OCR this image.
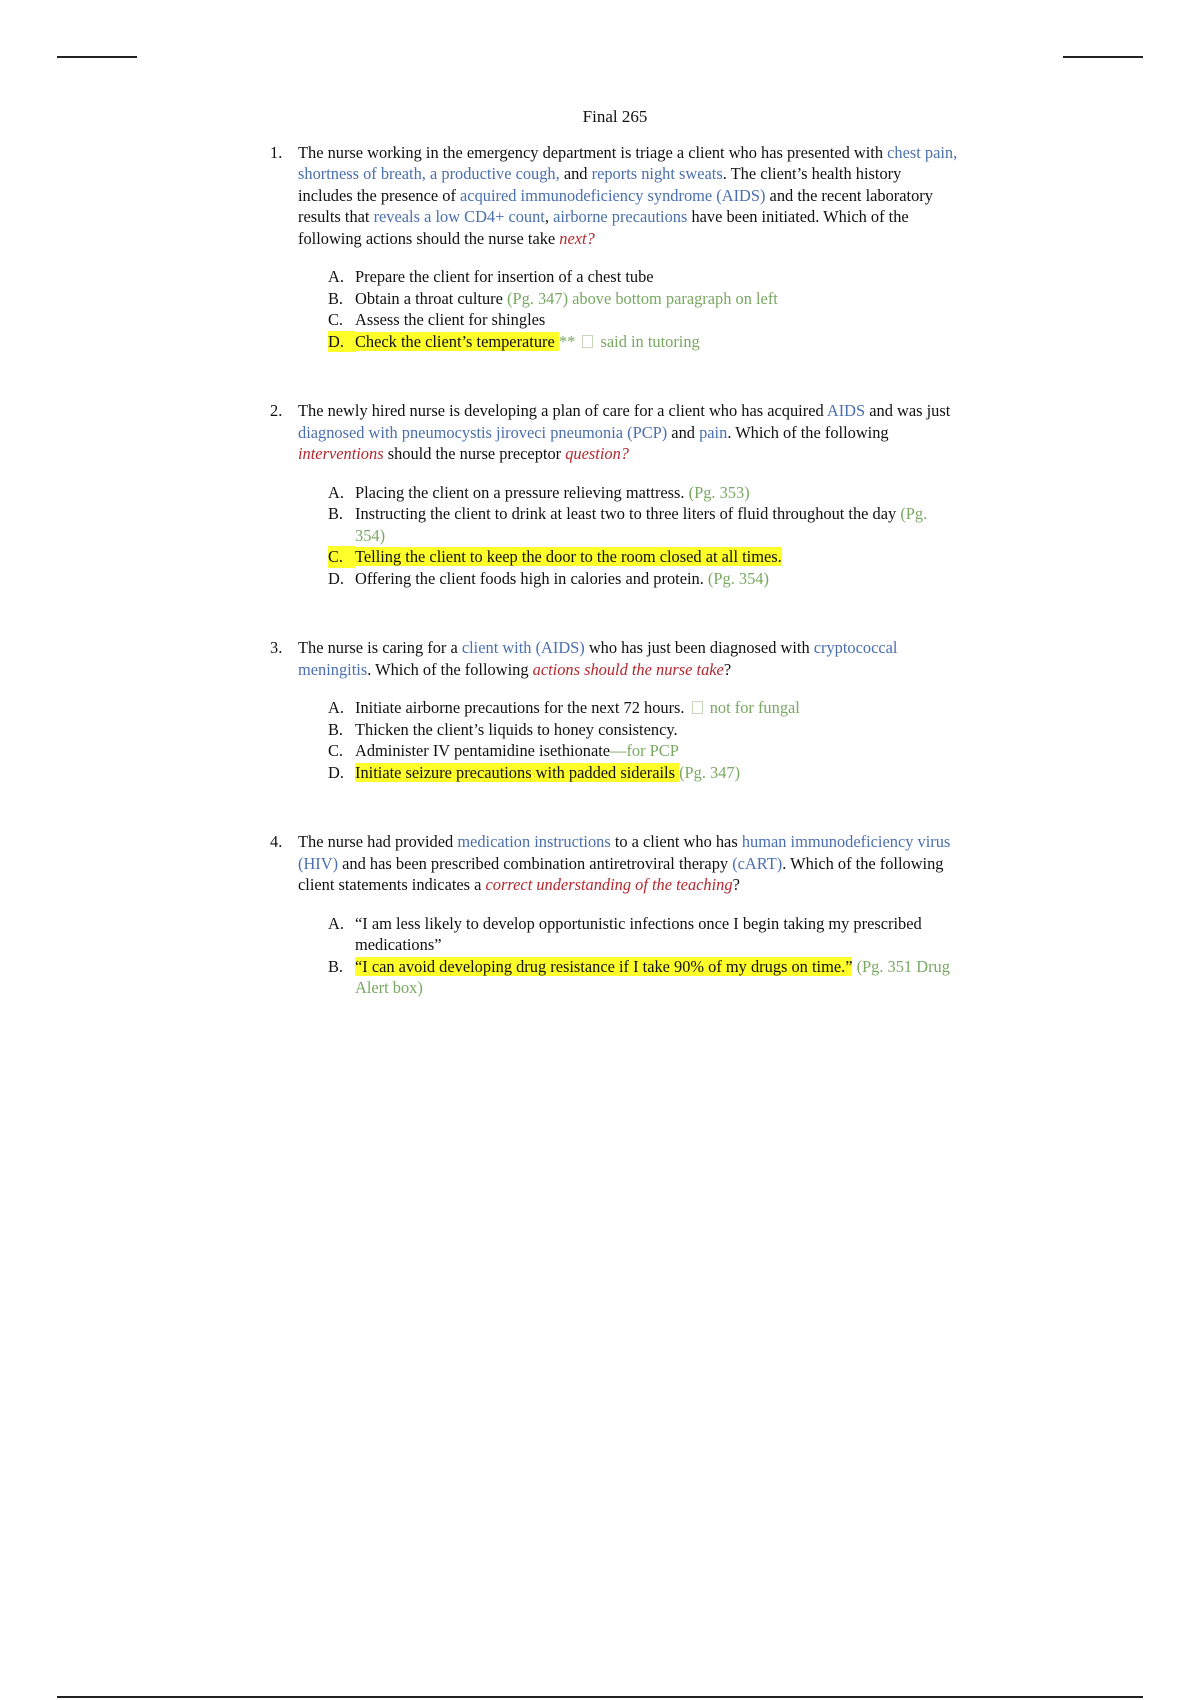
Final 265
1. The nurse working in the emergency department is triage a client who has presented with chest pain, shortness of breath, a productive cough, and reports night sweats. The client’s health history includes the presence of acquired immunodeficiency syndrome (AIDS) and the recent laboratory results that reveals a low CD4+ count, airborne precautions have been initiated. Which of the following actions should the nurse take next?
A. Prepare the client for insertion of a chest tube
B. Obtain a throat culture (Pg. 347) above bottom paragraph on left
C. Assess the client for shingles
D. Check the client’s temperature **  said in tutoring
2. The newly hired nurse is developing a plan of care for a client who has acquired AIDS and was just diagnosed with pneumocystis jiroveci pneumonia (PCP) and pain. Which of the following interventions should the nurse preceptor question?
A. Placing the client on a pressure relieving mattress. (Pg. 353)
B. Instructing the client to drink at least two to three liters of fluid throughout the day (Pg. 354)
C. Telling the client to keep the door to the room closed at all times.
D. Offering the client foods high in calories and protein. (Pg. 354)
3. The nurse is caring for a client with (AIDS) who has just been diagnosed with cryptococcal meningitis. Which of the following actions should the nurse take?
A. Initiate airborne precautions for the next 72 hours.  not for fungal
B. Thicken the client’s liquids to honey consistency.
C. Administer IV pentamidine isethionate—for PCP
D. Initiate seizure precautions with padded siderails (Pg. 347)
4. The nurse had provided medication instructions to a client who has human immunodeficiency virus (HIV) and has been prescribed combination antiretroviral therapy (cART). Which of the following client statements indicates a correct understanding of the teaching?
A. “I am less likely to develop opportunistic infections once I begin taking my prescribed medications”
B. “I can avoid developing drug resistance if I take 90% of my drugs on time.” (Pg. 351 Drug Alert box)
